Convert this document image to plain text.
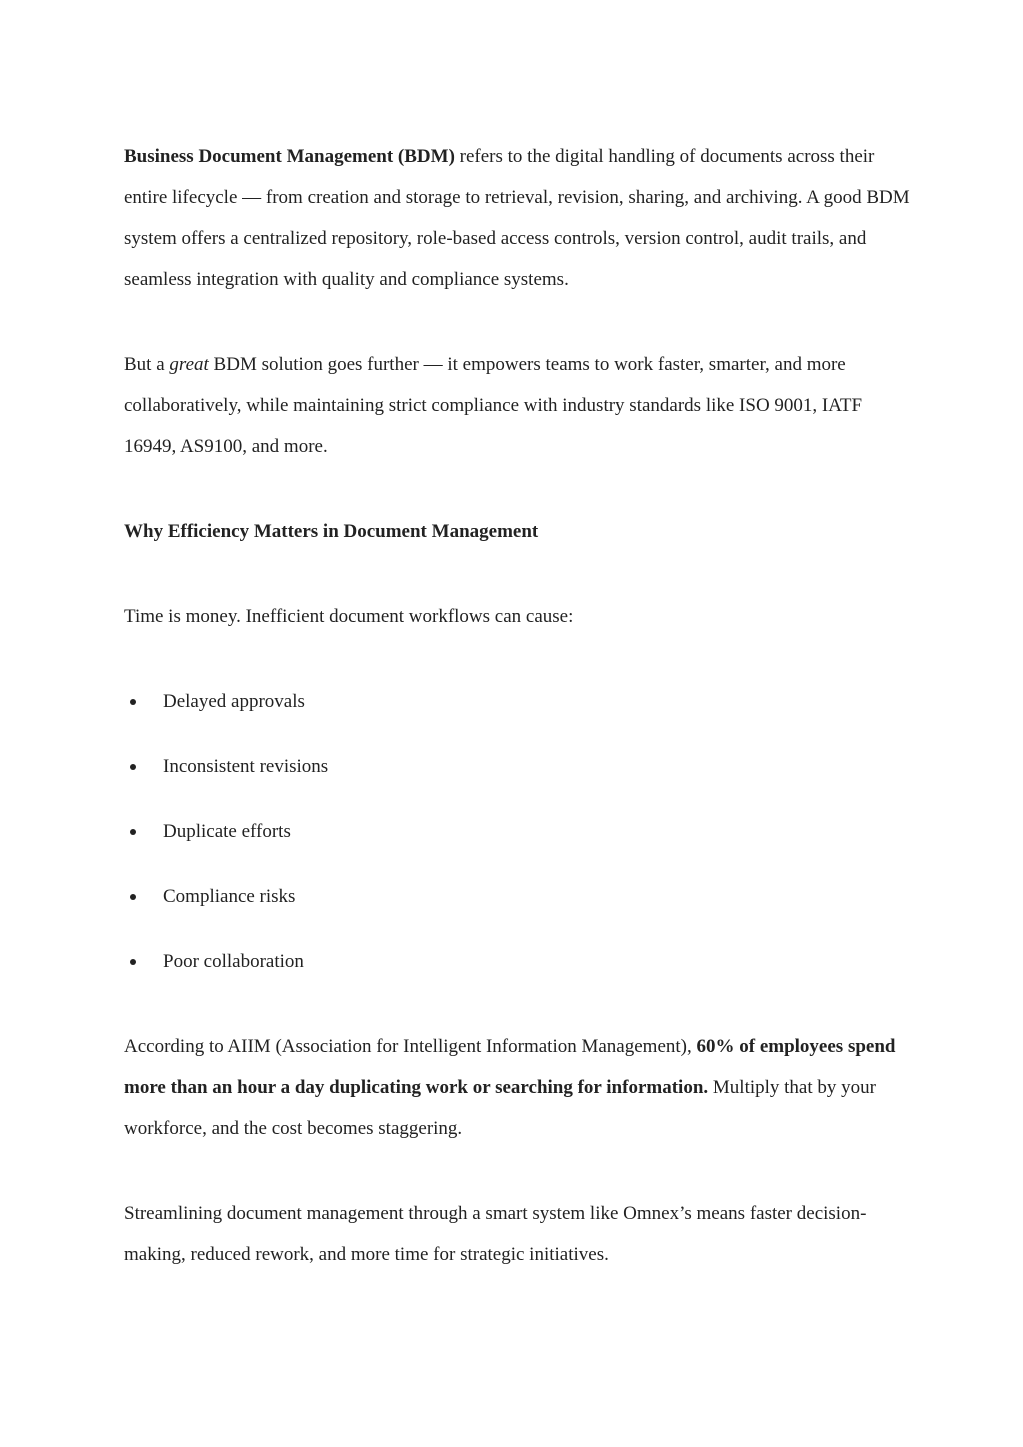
Business Document Management (BDM) refers to the digital handling of documents across their entire lifecycle — from creation and storage to retrieval, revision, sharing, and archiving. A good BDM system offers a centralized repository, role-based access controls, version control, audit trails, and seamless integration with quality and compliance systems.

But a great BDM solution goes further — it empowers teams to work faster, smarter, and more collaboratively, while maintaining strict compliance with industry standards like ISO 9001, IATF 16949, AS9100, and more.

Why Efficiency Matters in Document Management

Time is money. Inefficient document workflows can cause:

Delayed approvals
Inconsistent revisions
Duplicate efforts
Compliance risks
Poor collaboration

According to AIIM (Association for Intelligent Information Management), 60% of employees spend more than an hour a day duplicating work or searching for information. Multiply that by your workforce, and the cost becomes staggering.

Streamlining document management through a smart system like Omnex’s means faster decision-making, reduced rework, and more time for strategic initiatives.
